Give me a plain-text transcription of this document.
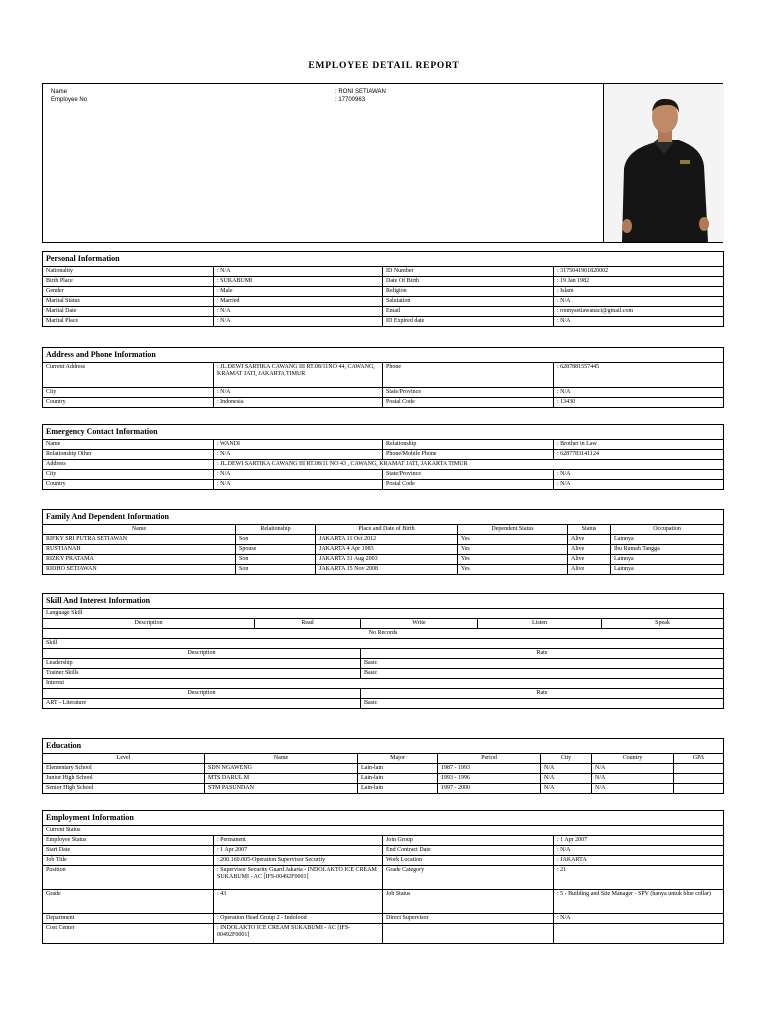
EMPLOYEE DETAIL REPORT
Name	: RONI SETIAWAN
Employee No	: 17700963
Personal Information			
Nationality	: N/A	ID Number	: 3175041901820002
Birth Place	: SUKABUMI	Date Of Birth	: 19 Jan 1982
Gender	: Male	Religion	: Islam
Marital Status	: Married	Salutation	: N/A
Marital Date	: N/A	Email	: ronnysetiawanaci@gmail.com
Marital Place	: N/A	ID Expired date	: N/A
Address and Phone Information			
Current Address	: JL.DEWI SARTIKA CAWANG III RT.08/11NO 44, CAWANG, KRAMAT JATI, JAKARTA TIMUR	Phone	: 6287881557445
City	: N/A	State/Province	: N/A
Country	: Indonesia	Postal Code	: 13430
Emergency Contact Information			
Name	: WANDI	Relationship	: Brother in Law
Relationship Other	: N/A	Phone/Mobile Phone	: 6287783141124
Address	: JL.DEWI SARTIKA CAWANG III RT.08/11 NO 43 , CAWANG, KRAMAT JATI, JAKARTA TIMUR		
City	: N/A	State/Province	: N/A
Country	: N/A	Postal Code	: N/A
Family And Dependent Information					
Name	Relationship	Place and Date of Birth	Dependent Status	Status	Occupation
RIFKY SRI PUTRA SETIAWAN	Son	JAKARTA 11 Oct 2012	Yes	Alive	Lainnya
RUSTIANAH	Spouse	JAKARTA 4 Apr 1983	Yes	Alive	Ibu Rumah Tangga
RIZKY PRATAMA	Son	JAKARTA 31 Aug 2003	Yes	Alive	Lainnya
RIDHO SETIAWAN	Son	JAKARTA 15 Nov 2008	Yes	Alive	Lainnya
Skill And Interest Information				
Language Skill				
Description	Read	Write	Listen	Speak
No Records				
Skill				
Description		Rate		
Leadership		Basic		
Trainer Skills		Basic		
Interest				
Description		Rate		
ART - Literature		Basic		
Education						
Level	Name	Major	Period	City	Country	GPA
Elementary School	SDN NGAWENG	Lain-lain	1987 - 1993	N/A	N/A	
Junior High School	MTS DARUL M	Lain-lain	1993 - 1996	N/A	N/A	
Senior High School	STM PASUNDAN	Lain-lain	1997 - 2000	N/A	N/A	
Employment Information			
Current Status			
Employee Status	: Permanent	Join Group	: 1 Apr 2007
Start Date	: 1 Apr 2007	End Contract Date	: N/A
Job Title	: 200.160.005-Operation Supervisor Security	Work Location	: JAKARTA
Position	: Supervisor Security Guard Jakarta - INDOLAKTO ICE CREAM SUKABUMI - AC [IFS-00492F0001]	Grade Category	: 21
Grade	: 43	Job Status	: 5 - Building and Site Manager - SPV (hanya untuk blue collar)
Department	: Operation Head Group 2 - Indofood	Direct Supervisor	: N/A
Cost Center	: INDOLAKTO ICE CREAM SUKABUMI - AC [IFS-00492F0001]		
